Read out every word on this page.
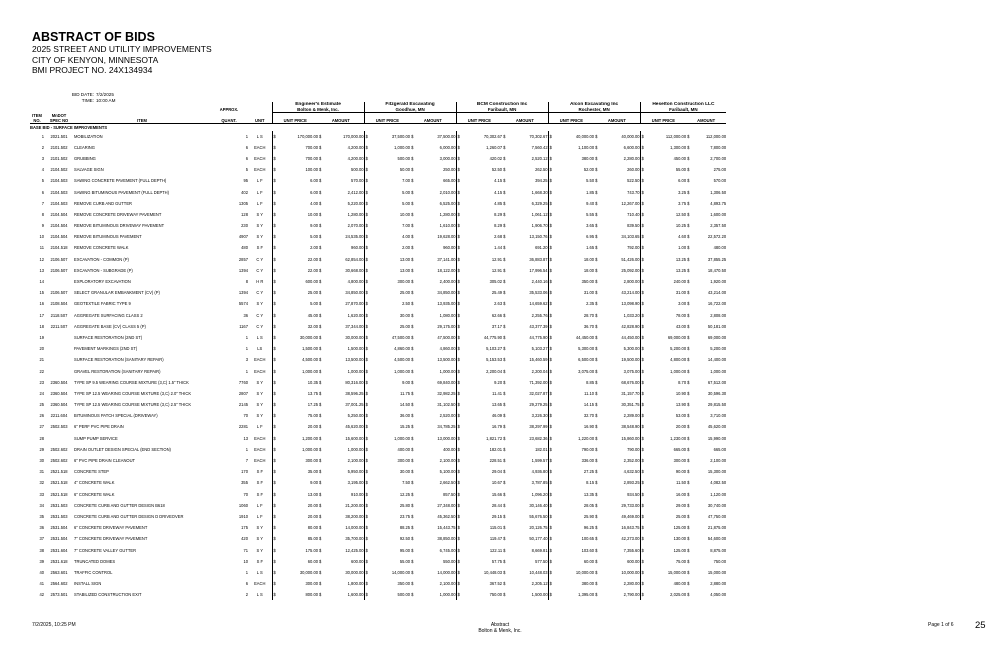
ABSTRACT OF BIDS
2025 STREET AND UTILITY IMPROVEMENTS
CITY OF KENYON, MINNESOTA
BMI PROJECT NO. 24X134934
BID DATE: 7/2/2025
TIME: 10:00 AM

					Engineer's Estimate				Fitzgerald Excavating				BCM Construction Inc				Alcon Excavating Inc				Heselton Construction LLC			

			APPROX.		Bolton & Menk, Inc.				Goodhue, MN				Faribault, MN				Rochester, MN				Faribault, MN			

ITEM	MnDOT																							
NO.	SPEC NO	ITEM	QUANT.	UNIT	UNIT PRICE		AMOUNT		UNIT PRICE		AMOUNT		UNIT PRICE		AMOUNT		UNIT PRICE		AMOUNT		UNIT PRICE		AMOUNT	
BASE BID - SURFACE IMPROVEMENTS																								
1	2021.501	MOBILIZATION	1	L S	$	170,000.00	$	170,000.00	$	37,500.00	$	37,500.00	$	70,302.67	$	70,302.67	$	40,000.00	$	40,000.00	$	112,000.00	$	112,000.00
2	2101.502	CLEARING	6	EACH	$	700.00	$	4,200.00	$	1,000.00	$	6,000.00	$	1,260.07	$	7,560.42	$	1,100.00	$	6,600.00	$	1,300.00	$	7,800.00
3	2101.502	GRUBBING	6	EACH	$	700.00	$	4,200.00	$	500.00	$	3,000.00	$	420.02	$	2,520.12	$	380.00	$	2,280.00	$	450.00	$	2,700.00
4	2104.502	SALVAGE SIGN	5	EACH	$	100.00	$	500.00	$	50.00	$	250.00	$	52.50	$	262.50	$	52.00	$	260.00	$	55.00	$	275.00
5	2104.503	SAWING CONCRETE PAVEMENT (FULL DEPTH)	95	L F	$	6.00	$	570.00	$	7.00	$	665.00	$	4.15	$	394.25	$	5.50	$	522.50	$	6.00	$	570.00
6	2104.503	SAWING BITUMINOUS PAVEMENT (FULL DEPTH)	402	L F	$	6.00	$	2,412.00	$	5.00	$	2,010.00	$	4.15	$	1,668.30	$	1.85	$	743.70	$	3.25	$	1,306.50
7	2104.503	REMOVE CURB AND GUTTER	1305	L F	$	4.00	$	5,220.00	$	5.00	$	6,525.00	$	4.85	$	6,329.25	$	9.40	$	12,267.00	$	3.75	$	4,893.75
8	2104.504	REMOVE CONCRETE DRIVEWAY PAVEMENT	128	S Y	$	10.00	$	1,280.00	$	10.00	$	1,280.00	$	8.29	$	1,061.12	$	5.55	$	710.40	$	12.50	$	1,600.00
9	2104.504	REMOVE BITUMINOUS DRIVEWAY PAVEMENT	230	S Y	$	9.00	$	2,070.00	$	7.00	$	1,610.00	$	8.29	$	1,906.70	$	3.65	$	839.50	$	10.25	$	2,357.50
10	2104.504	REMOVE BITUMINOUS PAVEMENT	4907	S Y	$	5.00	$	24,535.00	$	4.00	$	19,628.00	$	2.68	$	13,150.76	$	6.95	$	34,103.65	$	4.60	$	22,572.20
11	2104.518	REMOVE CONCRETE WALK	480	S F	$	2.00	$	960.00	$	2.00	$	960.00	$	1.44	$	691.20	$	1.65	$	792.00	$	1.00	$	480.00
12	2106.507	EXCAVATION - COMMON (P)	2857	C Y	$	22.00	$	62,854.00	$	13.00	$	37,141.00	$	12.91	$	36,883.87	$	18.00	$	51,426.00	$	13.25	$	37,855.25
13	2106.507	EXCAVATION - SUBGRADE (P)	1394	C Y	$	22.00	$	30,668.00	$	13.00	$	18,122.00	$	12.91	$	17,996.54	$	18.00	$	25,092.00	$	13.25	$	18,470.50
14		EXPLORATORY EXCAVATION	8	H R	$	600.00	$	4,800.00	$	300.00	$	2,400.00	$	305.02	$	2,440.16	$	350.00	$	2,800.00	$	240.00	$	1,920.00
15	2106.507	SELECT GRANULAR EMBANKMENT (CV) (P)	1394	C Y	$	25.00	$	34,850.00	$	25.00	$	34,850.00	$	25.49	$	35,533.06	$	31.00	$	43,214.00	$	31.00	$	43,214.00
16	2108.504	GEOTEXTILE FABRIC TYPE 9	5574	S Y	$	5.00	$	27,870.00	$	2.50	$	13,935.00	$	2.63	$	14,659.62	$	2.35	$	13,098.90	$	3.00	$	16,722.00
17	2118.507	AGGREGATE SURFACING CLASS 2	36	C Y	$	45.00	$	1,620.00	$	30.00	$	1,080.00	$	62.66	$	2,255.76	$	28.70	$	1,033.20	$	78.00	$	2,808.00
18	2211.507	AGGREGATE BASE (CV) CLASS 5 (P)	1167	C Y	$	32.00	$	37,344.00	$	25.00	$	29,175.00	$	37.17	$	43,377.39	$	36.70	$	42,828.90	$	43.00	$	50,181.00
19		SURFACE RESTORATION (2ND ST)	1	L S	$	30,000.00	$	30,000.00	$	47,500.00	$	47,500.00	$	44,775.90	$	44,775.90	$	44,450.00	$	44,450.00	$	69,000.00	$	69,000.00
20		PAVEMENT MARKINGS (2ND ST)	1	LS	$	1,500.00	$	1,500.00	$	4,860.00	$	4,860.00	$	5,103.27	$	5,103.27	$	5,300.00	$	5,300.00	$	5,200.00	$	5,200.00
21		SURFACE RESTORATION (SANITARY REPAIR)	3	EACH	$	4,500.00	$	13,500.00	$	4,500.00	$	13,500.00	$	5,153.53	$	15,460.59	$	6,500.00	$	19,500.00	$	4,800.00	$	14,400.00
22		GRAVEL RESTORATION (SANITARY REPAIR)	1	EACH	$	1,000.00	$	1,000.00	$	1,000.00	$	1,000.00	$	2,200.04	$	2,200.04	$	3,075.00	$	3,075.00	$	1,000.00	$	1,000.00
23	2360.504	TYPE SP 9.5 WEARING COURSE MIXTURE (3,C) 1.5" THICK	7760	S Y	$	10.35	$	80,316.00	$	9.00	$	69,840.00	$	9.20	$	71,392.00	$	8.85	$	68,676.00	$	8.70	$	67,512.00
24	2360.504	TYPE SP 12.5 WEARING COURSE MIXTURE (3,C) 2.0" THICK	2807	S Y	$	13.75	$	38,596.25	$	11.75	$	32,982.25	$	11.41	$	32,027.87	$	11.10	$	31,157.70	$	10.90	$	30,596.30
25	2360.504	TYPE SP 12.5 WEARING COURSE MIXTURE (3,C) 2.5" THICK	2145	S Y	$	17.25	$	37,001.25	$	14.50	$	31,102.50	$	13.65	$	29,279.25	$	14.15	$	30,351.75	$	13.90	$	29,815.50
26	2211.604	BITUMINOUS PATCH SPECIAL (DRIVEWAY)	70	S Y	$	75.00	$	5,250.00	$	36.00	$	2,520.00	$	46.09	$	3,226.30	$	32.70	$	2,289.00	$	53.00	$	3,710.00
27	2502.503	6" PERF PVC PIPE DRAIN	2281	L F	$	20.00	$	45,620.00	$	15.25	$	34,785.25	$	16.79	$	38,297.99	$	16.90	$	38,548.90	$	20.00	$	45,620.00
28		SUMP PUMP SERVICE	13	EACH	$	1,200.00	$	15,600.00	$	1,000.00	$	13,000.00	$	1,821.72	$	23,682.36	$	1,220.00	$	15,860.00	$	1,230.00	$	15,990.00
29	2502.602	DRAIN OUTLET DESIGN SPECIAL (END SECTION)	1	EACH	$	1,000.00	$	1,000.00	$	400.00	$	400.00	$	182.01	$	182.01	$	790.00	$	790.00	$	665.00	$	665.00
30	2502.602	6" PVC PIPE DRAIN CLEANOUT	7	EACH	$	300.00	$	2,100.00	$	300.00	$	2,100.00	$	228.51	$	1,599.57	$	336.00	$	2,352.00	$	300.00	$	2,100.00
31	2521.518	CONCRETE STEP	170	S F	$	35.00	$	5,950.00	$	30.00	$	5,100.00	$	29.04	$	4,936.80	$	27.25	$	4,632.50	$	90.00	$	15,300.00
32	2521.518	4" CONCRETE WALK	355	S F	$	9.00	$	3,195.00	$	7.50	$	2,662.50	$	10.67	$	3,787.85	$	8.15	$	2,893.25	$	11.50	$	4,082.50
33	2521.518	6" CONCRETE WALK	70	S F	$	13.00	$	910.00	$	12.25	$	857.50	$	15.66	$	1,096.20	$	13.35	$	934.50	$	16.00	$	1,120.00
34	2531.503	CONCRETE CURB AND GUTTER DESIGN B618	1060	L F	$	20.00	$	21,200.00	$	25.80	$	27,348.00	$	28.44	$	30,146.40	$	28.05	$	29,733.00	$	29.00	$	30,740.00
35	2531.503	CONCRETE CURB AND GUTTER DESIGN D DRIVEOVER	1910	L F	$	20.00	$	38,200.00	$	23.75	$	45,362.50	$	29.15	$	55,676.50	$	25.90	$	49,469.00	$	25.00	$	47,750.00
36	2531.504	6" CONCRETE DRIVEWAY PAVEMENT	175	S Y	$	80.00	$	14,000.00	$	88.25	$	15,443.75	$	115.01	$	20,126.75	$	96.25	$	16,843.75	$	125.00	$	21,875.00
37	2531.504	7" CONCRETE DRIVEWAY PAVEMENT	420	S Y	$	85.00	$	35,700.00	$	92.50	$	38,850.00	$	119.47	$	50,177.40	$	100.65	$	42,273.00	$	130.00	$	54,600.00
38	2531.604	7" CONCRETE VALLEY GUTTER	71	S Y	$	175.00	$	12,425.00	$	95.00	$	6,745.00	$	122.11	$	8,669.81	$	103.60	$	7,355.60	$	125.00	$	8,875.00
39	2531.618	TRUNCATED DOMES	10	S F	$	60.00	$	600.00	$	55.00	$	550.00	$	57.75	$	577.50	$	60.00	$	600.00	$	75.00	$	750.00
40	2563.601	TRAFFIC CONTROL	1	L S	$	30,000.00	$	30,000.00	$	14,000.00	$	14,000.00	$	10,448.03	$	10,448.03	$	10,000.00	$	10,000.00	$	15,000.00	$	15,000.00
41	2564.602	INSTALL SIGN	6	EACH	$	300.00	$	1,800.00	$	350.00	$	2,100.00	$	367.52	$	2,205.12	$	380.00	$	2,280.00	$	480.00	$	2,880.00
42	2573.501	STABILIZED CONSTRUCTION EXIT	2	L S	$	800.00	$	1,600.00	$	500.00	$	1,000.00	$	750.00	$	1,500.00	$	1,395.00	$	2,790.00	$	2,025.00	$	4,050.00
7/2/2025, 10:25 PM	Abstract
Bolton & Menk, Inc.
Page 1 of 6 25
